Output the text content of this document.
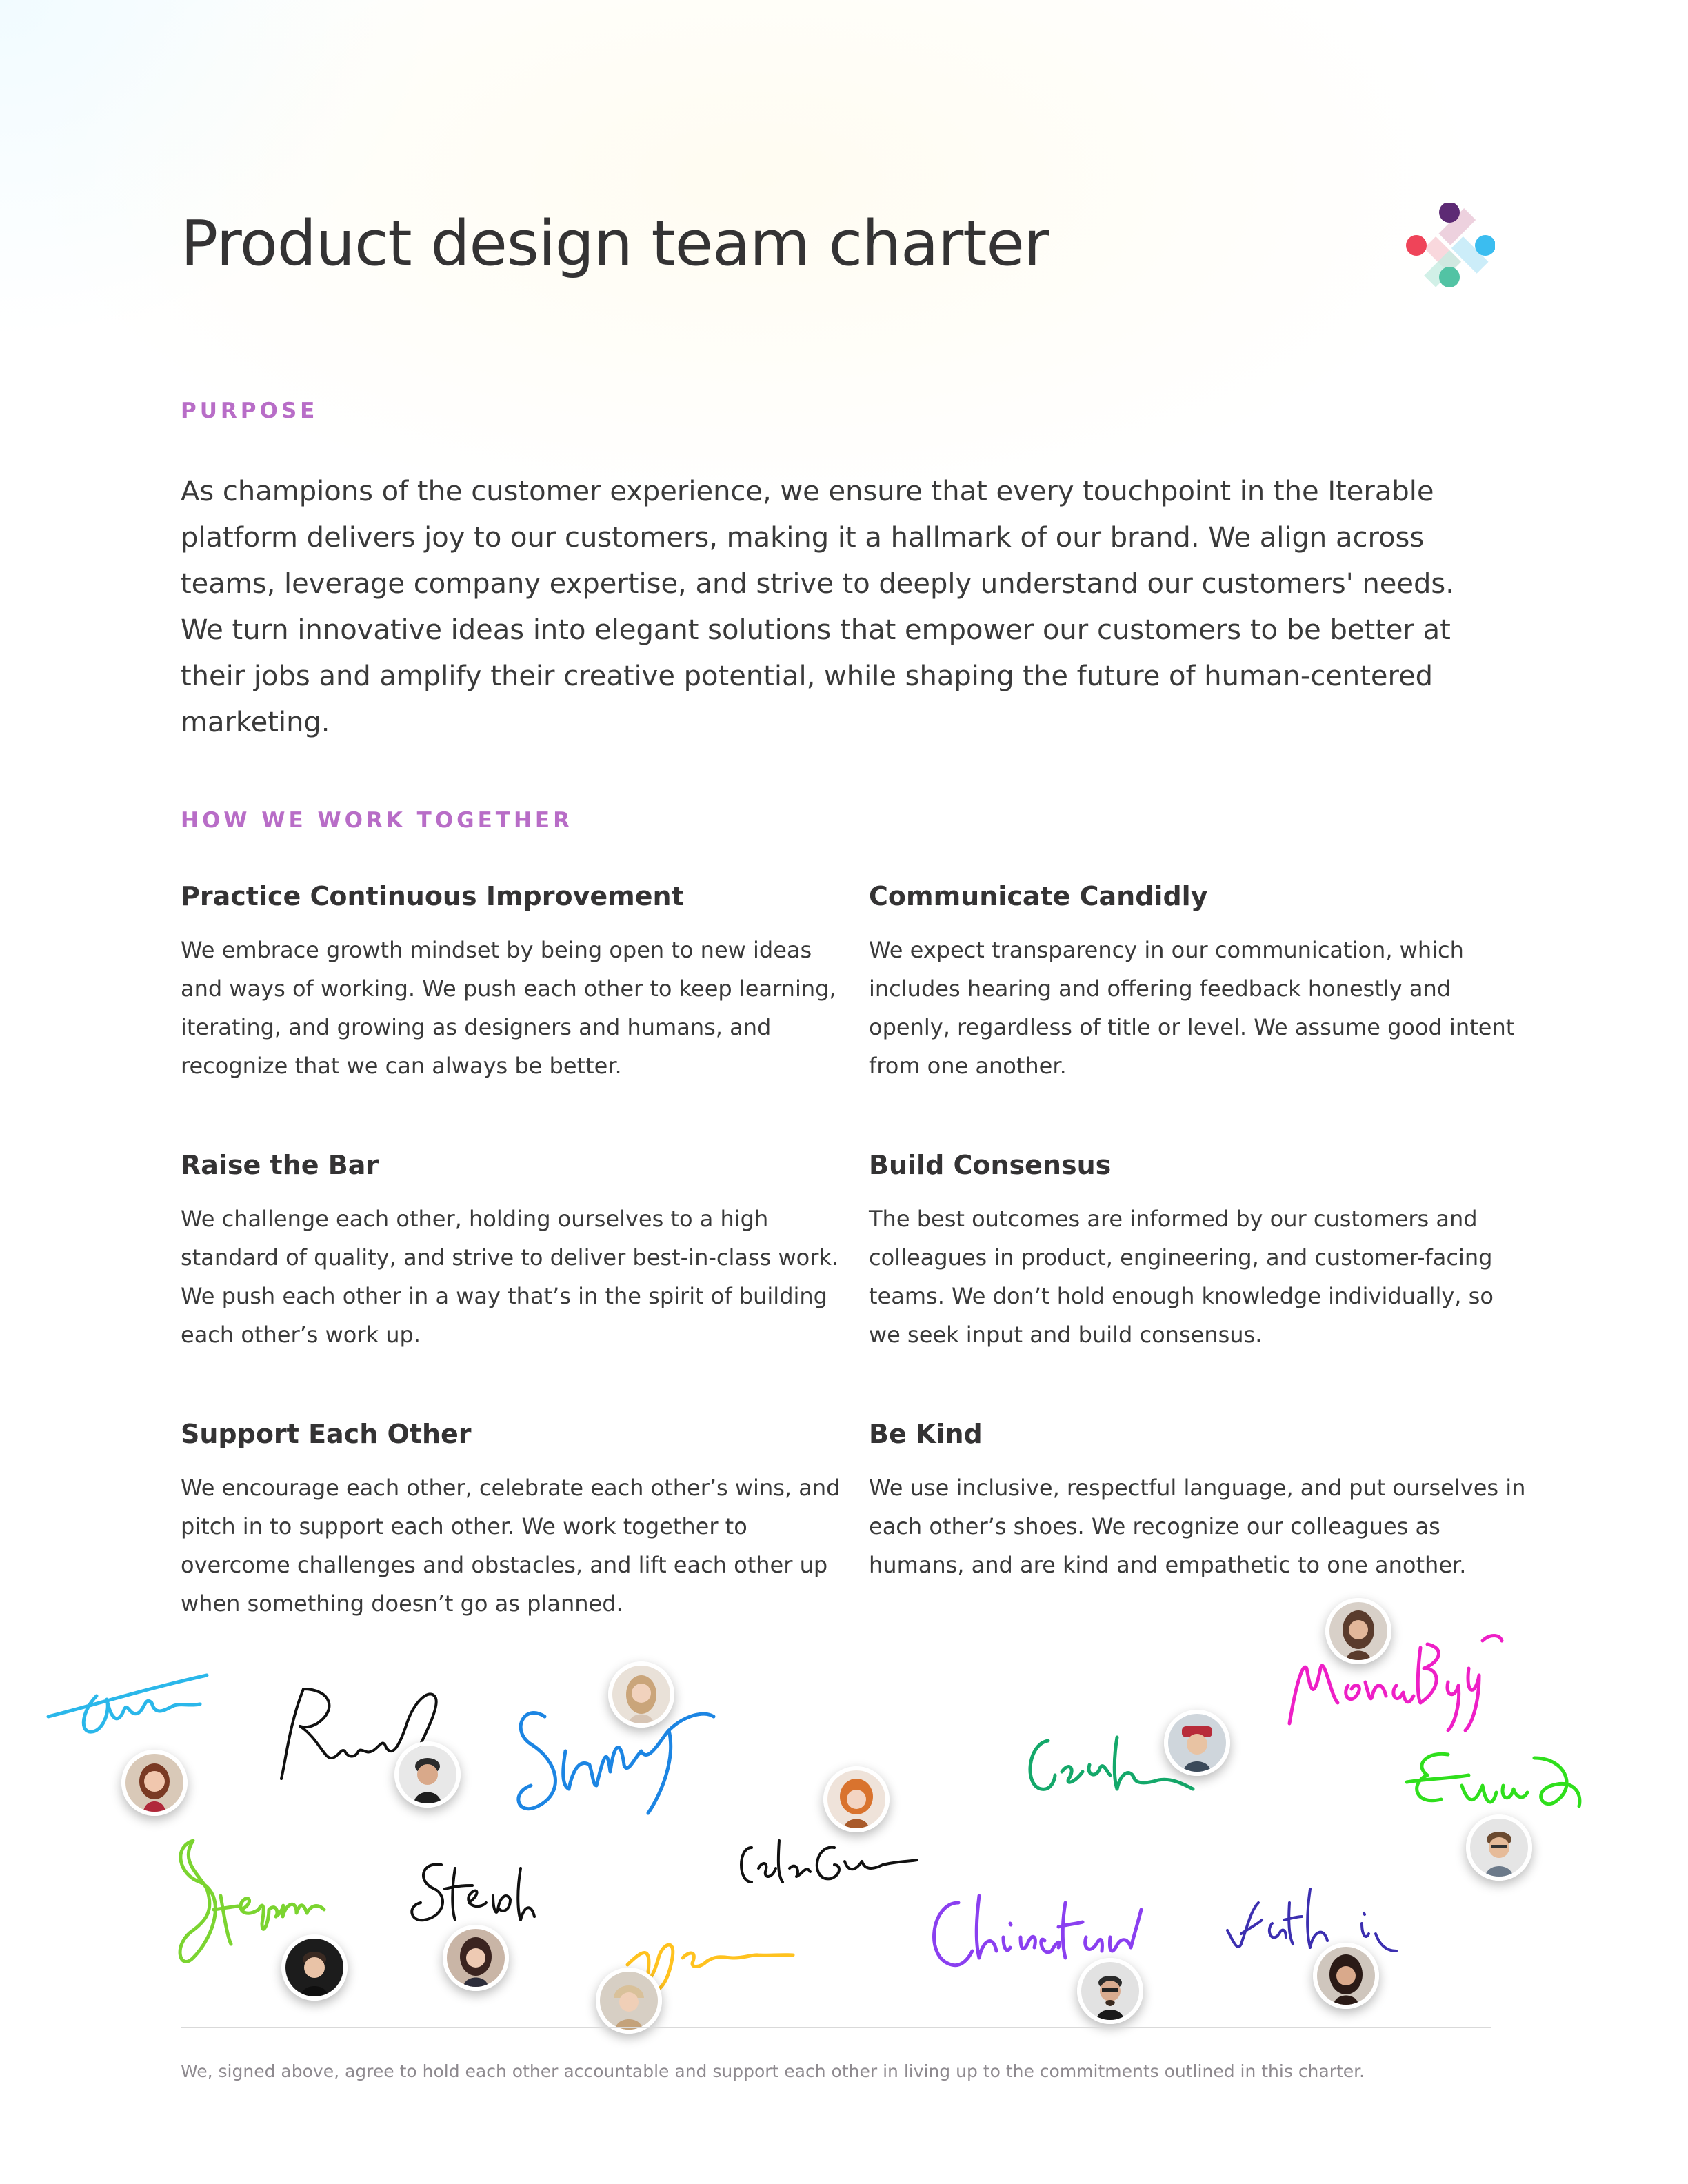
Product design team charter
PURPOSE

As champions of the customer experience, we ensure that every touchpoint in the Iterable platform delivers joy to our customers, making it a hallmark of our brand. We align across teams, leverage company expertise, and strive to deeply understand our customers' needs. We turn innovative ideas into elegant solutions that empower our customers to be better at their jobs and amplify their creative potential, while shaping the future of human-centered marketing.

HOW WE WORK TOGETHER
Practice Continuous Improvement

We embrace growth mindset by being open to new ideas and ways of working. We push each other to keep learning, iterating, and growing as designers and humans, and recognize that we can always be better.

Communicate Candidly

We expect transparency in our communication, which includes hearing and offering feedback honestly and openly, regardless of title or level. We assume good intent from one another.

Raise the Bar

We challenge each other, holding ourselves to a high standard of quality, and strive to deliver best-in-class work. We push each other in a way that’s in the spirit of building each other’s work up.

Build Consensus

The best outcomes are informed by our customers and colleagues in product, engineering, and customer-facing teams. We don’t hold enough knowledge individually, so we seek input and build consensus.

Support Each Other

We encourage each other, celebrate each other’s wins, and pitch in to support each other. We work together to overcome challenges and obstacles, and lift each other up when something doesn’t go as planned.

Be Kind

We use inclusive, respectful language, and put ourselves in each other’s shoes. We recognize our colleagues as humans, and are kind and empathetic to one another.

We, signed above, agree to hold each other accountable and support each other in living up to the commitments outlined in this charter.
